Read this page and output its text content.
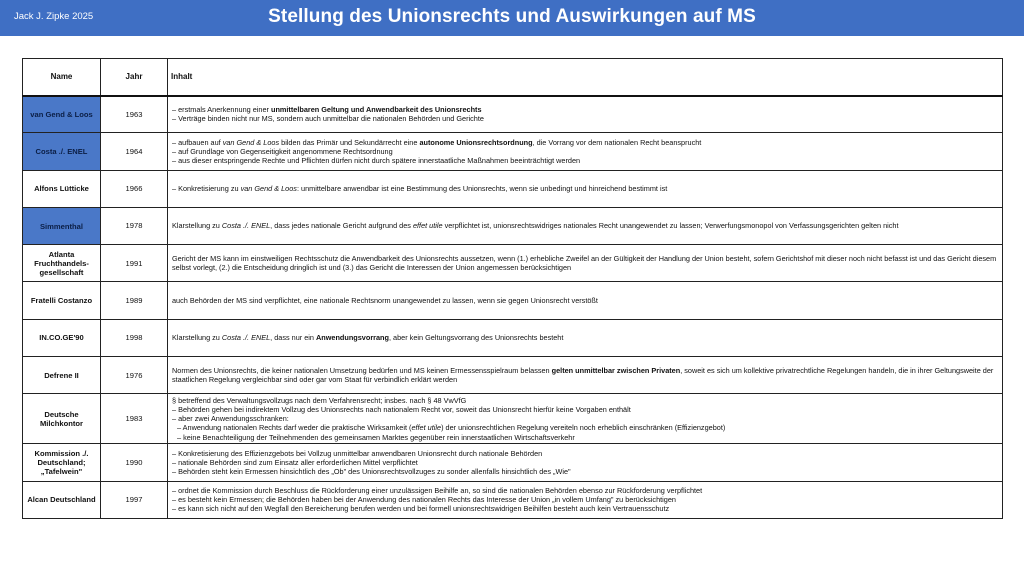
Jack J. Zipke 2025	Stellung des Unionsrechts und Auswirkungen auf MS
Name	Jahr	Inhalt
van Gend & Loos	1963	– erstmals Anerkennung einer unmittelbaren Geltung und Anwendbarkeit des Unionsrechts
– Verträge binden nicht nur MS, sondern auch unmittelbar die nationalen Behörden und Gerichte

Costa ./. ENEL	1964	– aufbauen auf van Gend & Loos bilden das Primär und Sekundärrecht eine autonome Unionsrechtsordnung, die Vorrang vor dem nationalen Recht beansprucht
– auf Grundlage von Gegenseitigkeit angenommene Rechtsordnung
– aus dieser entspringende Rechte und Pflichten dürfen nicht durch spätere innerstaatliche Maßnahmen beeinträchtigt werden

Alfons Lütticke	1966	– Konkretisierung zu van Gend & Loos: unmittelbare anwendbar ist eine Bestimmung des Unionsrechts, wenn sie unbedingt und hinreichend bestimmt ist

Simmenthal	1978	Klarstellung zu Costa ./. ENEL, dass jedes nationale Gericht aufgrund des effet utile verpflichtet ist, unionsrechtswidriges nationales Recht unangewendet zu lassen; Verwerfungsmonopol von Verfassungsgerichten gelten nicht

Atlanta Fruchthandels-gesellschaft	1991	Gericht der MS kann im einstweiligen Rechtsschutz die Anwendbarkeit des Unionsrechts aussetzen, wenn (1.) erhebliche Zweifel an der Gültigkeit der Handlung der Union besteht, sofern Gerichtshof mit dieser noch nicht befasst ist und das Gericht diesem selbst vorlegt, (2.) die Entscheidung dringlich ist und (3.) das Gericht die Interessen der Union angemessen berücksichtigen

Fratelli Costanzo	1989	auch Behörden der MS sind verpflichtet, eine nationale Rechtsnorm unangewendet zu lassen, wenn sie gegen Unionsrecht verstößt

IN.CO.GE'90	1998	Klarstellung zu Costa ./. ENEL, dass nur ein Anwendungsvorrang, aber kein Geltungsvorrang des Unionsrechts besteht

Defrene II	1976	Normen des Unionsrechts, die keiner nationalen Umsetzung bedürfen und MS keinen Ermessensspielraum belassen gelten unmittelbar zwischen Privaten, soweit es sich um kollektive privatrechtliche Regelungen handeln, die in ihrer Geltungsweite der staatlichen Regelung vergleichbar sind oder gar vom Staat für verbindlich erklärt werden

Deutsche Milchkontor	1983	§ betreffend des Verwaltungsvollzugs nach dem Verfahrensrecht; insbes. nach § 48 VwVfG
– Behörden gehen bei indirektem Vollzug des Unionsrechts nach nationalem Recht vor, soweit das Unionsrecht hierfür keine Vorgaben enthält
– aber zwei Anwendungsschranken:
– Anwendung nationalen Rechts darf weder die praktische Wirksamkeit (effet utile) der unionsrechtlichen Regelung vereiteln noch erheblich einschränken (Effizienzgebot)
– keine Benachteiligung der Teilnehmenden des gemeinsamen Marktes gegenüber rein innerstaatlichen Wirtschaftsverkehr

Kommission ./. Deutschland; „Tafelwein"	1990	– Konkretisierung des Effizienzgebots bei Vollzug unmittelbar anwendbaren Unionsrecht durch nationale Behörden
– nationale Behörden sind zum Einsatz aller erforderlichen Mittel verpflichtet
– Behörden steht kein Ermessen hinsichtlich des „Ob" des Unionsrechtsvollzuges zu sonder allenfalls hinsichtlich des „Wie"

Alcan Deutschland	1997	– ordnet die Kommission durch Beschluss die Rückforderung einer unzulässigen Beihilfe an, so sind die nationalen Behörden ebenso zur Rückforderung verpflichtet
– es besteht kein Ermessen; die Behörden haben bei der Anwendung des nationalen Rechts das Interesse der Union „in vollem Umfang" zu berücksichtigen
– es kann sich nicht auf den Wegfall den Bereicherung berufen werden und bei formell unionsrechtswidrigen Beihilfen besteht auch kein Vertrauensschutz
